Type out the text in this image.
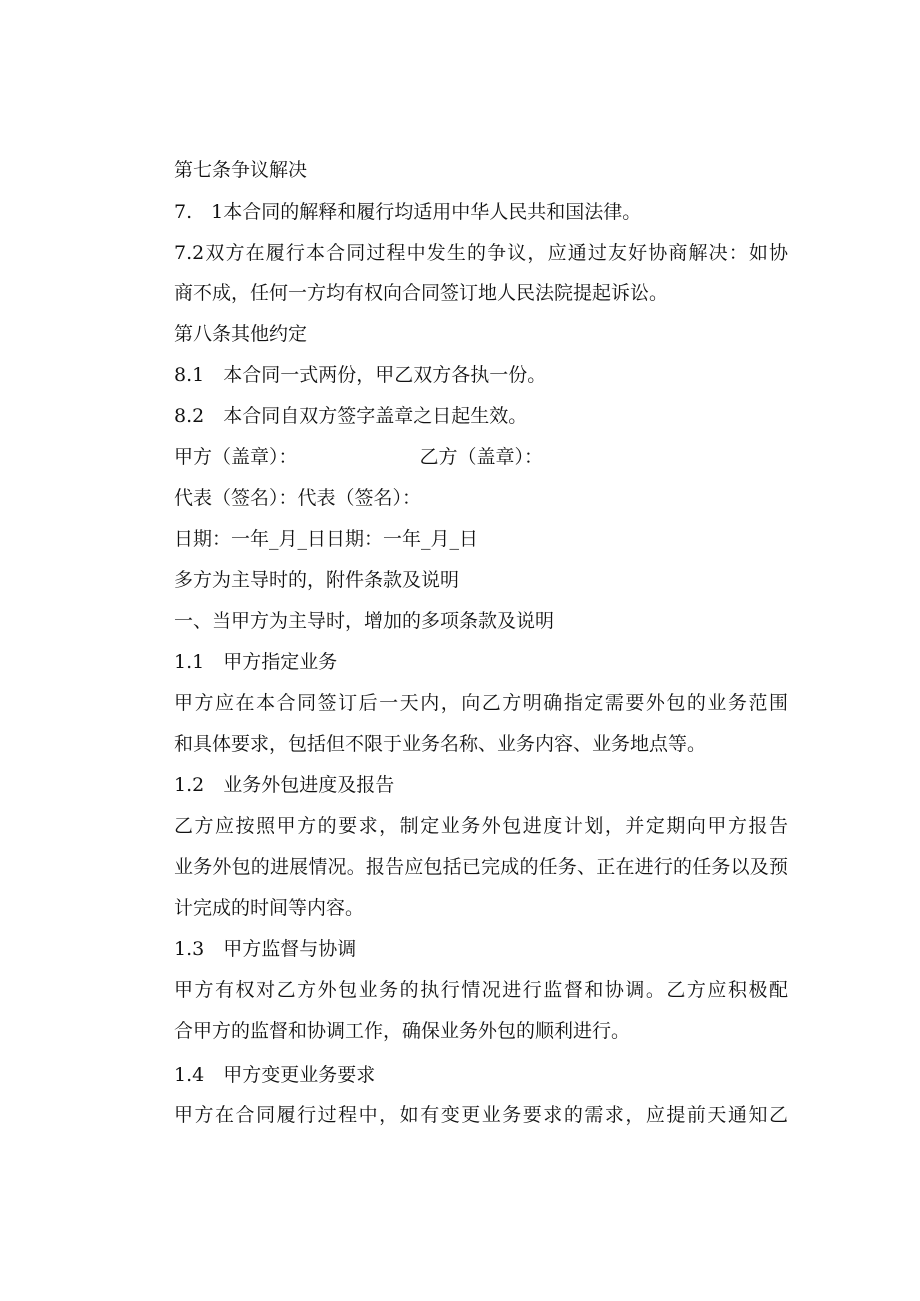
第七条争议解决

7.　1本合同的解释和履行均适用中华人民共和国法律。

7.2双方在履行本合同过程中发生的争议，应通过友好协商解决：如协

商不成，任何一方均有权向合同签订地人民法院提起诉讼。

第八条其他约定

8.1　本合同一式两份，甲乙双方各执一份。

8.2　本合同自双方签字盖章之日起生效。

甲方（盖章）：	乙方（盖章）：

代表（签名）：代表（签名）：

日期：一年_月_日日期：一年_月_日

多方为主导时的，附件条款及说明

一、当甲方为主导时，增加的多项条款及说明

1.1　甲方指定业务

甲方应在本合同签订后一天内，向乙方明确指定需要外包的业务范围

和具体要求，包括但不限于业务名称、业务内容、业务地点等。

1.2　业务外包进度及报告

乙方应按照甲方的要求，制定业务外包进度计划，并定期向甲方报告

业务外包的进展情况。报告应包括已完成的任务、正在进行的任务以及预

计完成的时间等内容。

1.3　甲方监督与协调

甲方有权对乙方外包业务的执行情况进行监督和协调。乙方应积极配

合甲方的监督和协调工作，确保业务外包的顺利进行。

1.4　甲方变更业务要求

甲方在合同履行过程中，如有变更业务要求的需求，应提前天通知乙
